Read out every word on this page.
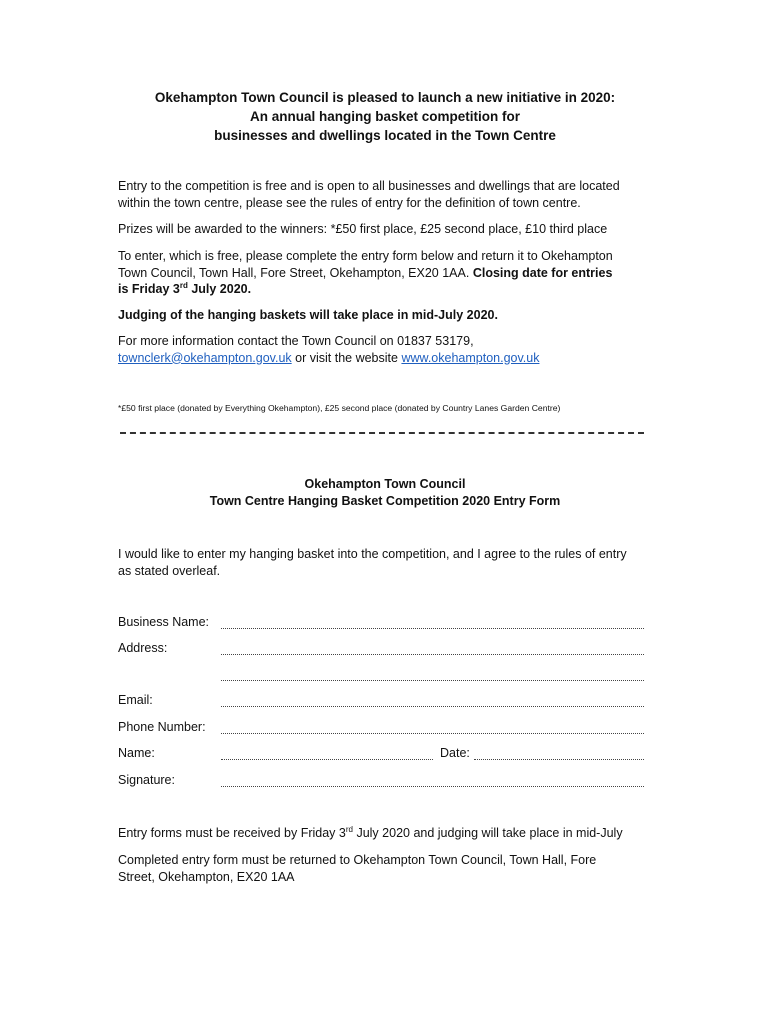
Okehampton Town Council is pleased to launch a new initiative in 2020:
An annual hanging basket competition for
businesses and dwellings located in the Town Centre
Entry to the competition is free and is open to all businesses and dwellings that are located
within the town centre, please see the rules of entry for the definition of town centre.
Prizes will be awarded to the winners: *£50 first place, £25 second place, £10 third place
To enter, which is free, please complete the entry form below and return it to Okehampton
Town Council, Town Hall, Fore Street, Okehampton, EX20 1AA. Closing date for entries
is Friday 3rd July 2020.
Judging of the hanging baskets will take place in mid-July 2020.
For more information contact the Town Council on 01837 53179,
townclerk@okehampton.gov.uk or visit the website www.okehampton.gov.uk
*£50 first place (donated by Everything Okehampton), £25 second place (donated by Country Lanes Garden Centre)
Okehampton Town Council
Town Centre Hanging Basket Competition 2020 Entry Form
I would like to enter my hanging basket into the competition, and I agree to the rules of entry
as stated overleaf.
Business Name:
Address:
Email:
Phone Number:
Name:	Date:
Signature:
Entry forms must be received by Friday 3rd July 2020 and judging will take place in mid-July
Completed entry form must be returned to Okehampton Town Council, Town Hall, Fore
Street, Okehampton, EX20 1AA
